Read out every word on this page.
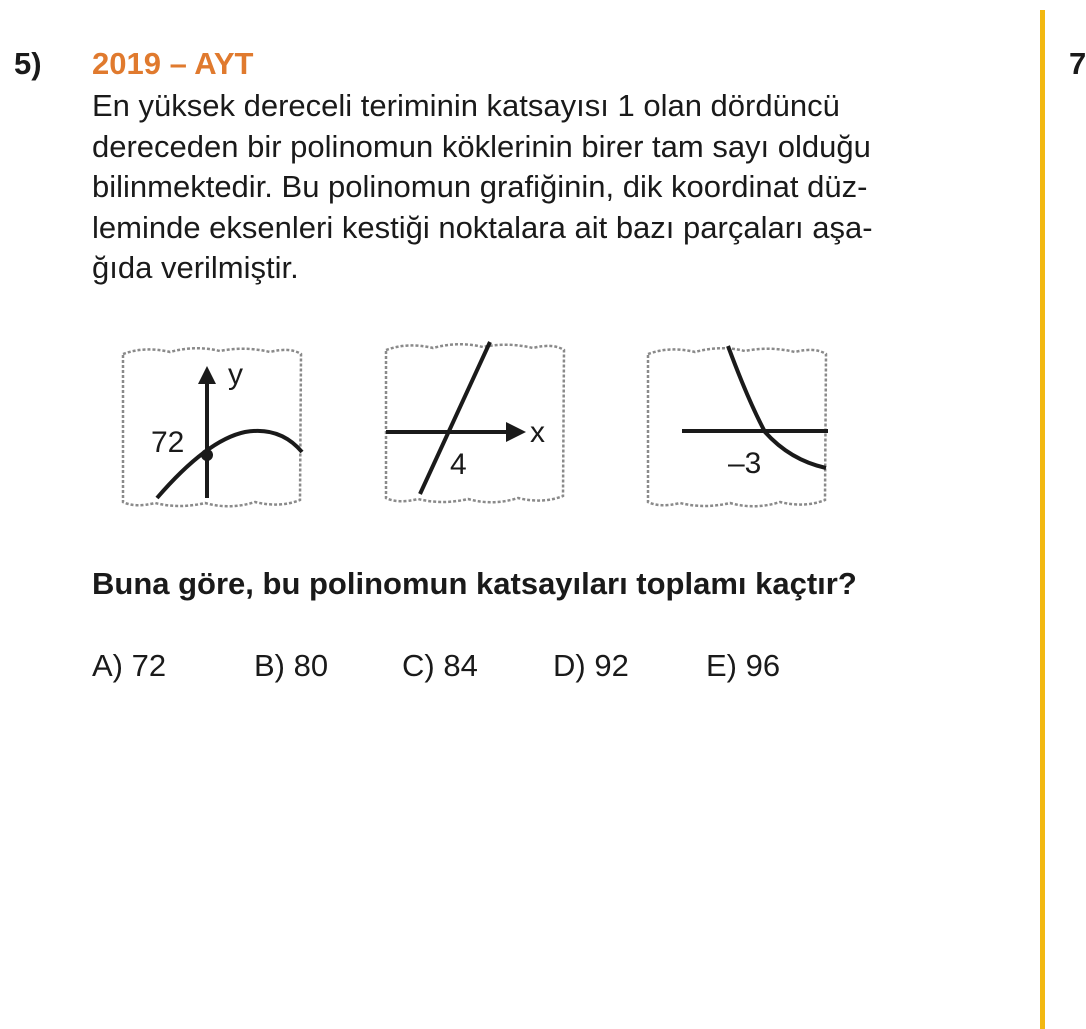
5) 2019 – AYT
En yüksek dereceli teriminin katsayısı 1 olan dördüncü
dereceden bir polinomun köklerinin birer tam sayı olduğu
bilinmektedir. Bu polinomun grafiğinin, dik koordinat düz-
leminde eksenleri kestiği noktalara ait bazı parçaları aşa-
ğıda verilmiştir.
y
72	x
4	–3
Buna göre, bu polinomun katsayıları toplamı kaçtır?
A) 72	B) 80 C) 84 D) 92 E) 96
7
